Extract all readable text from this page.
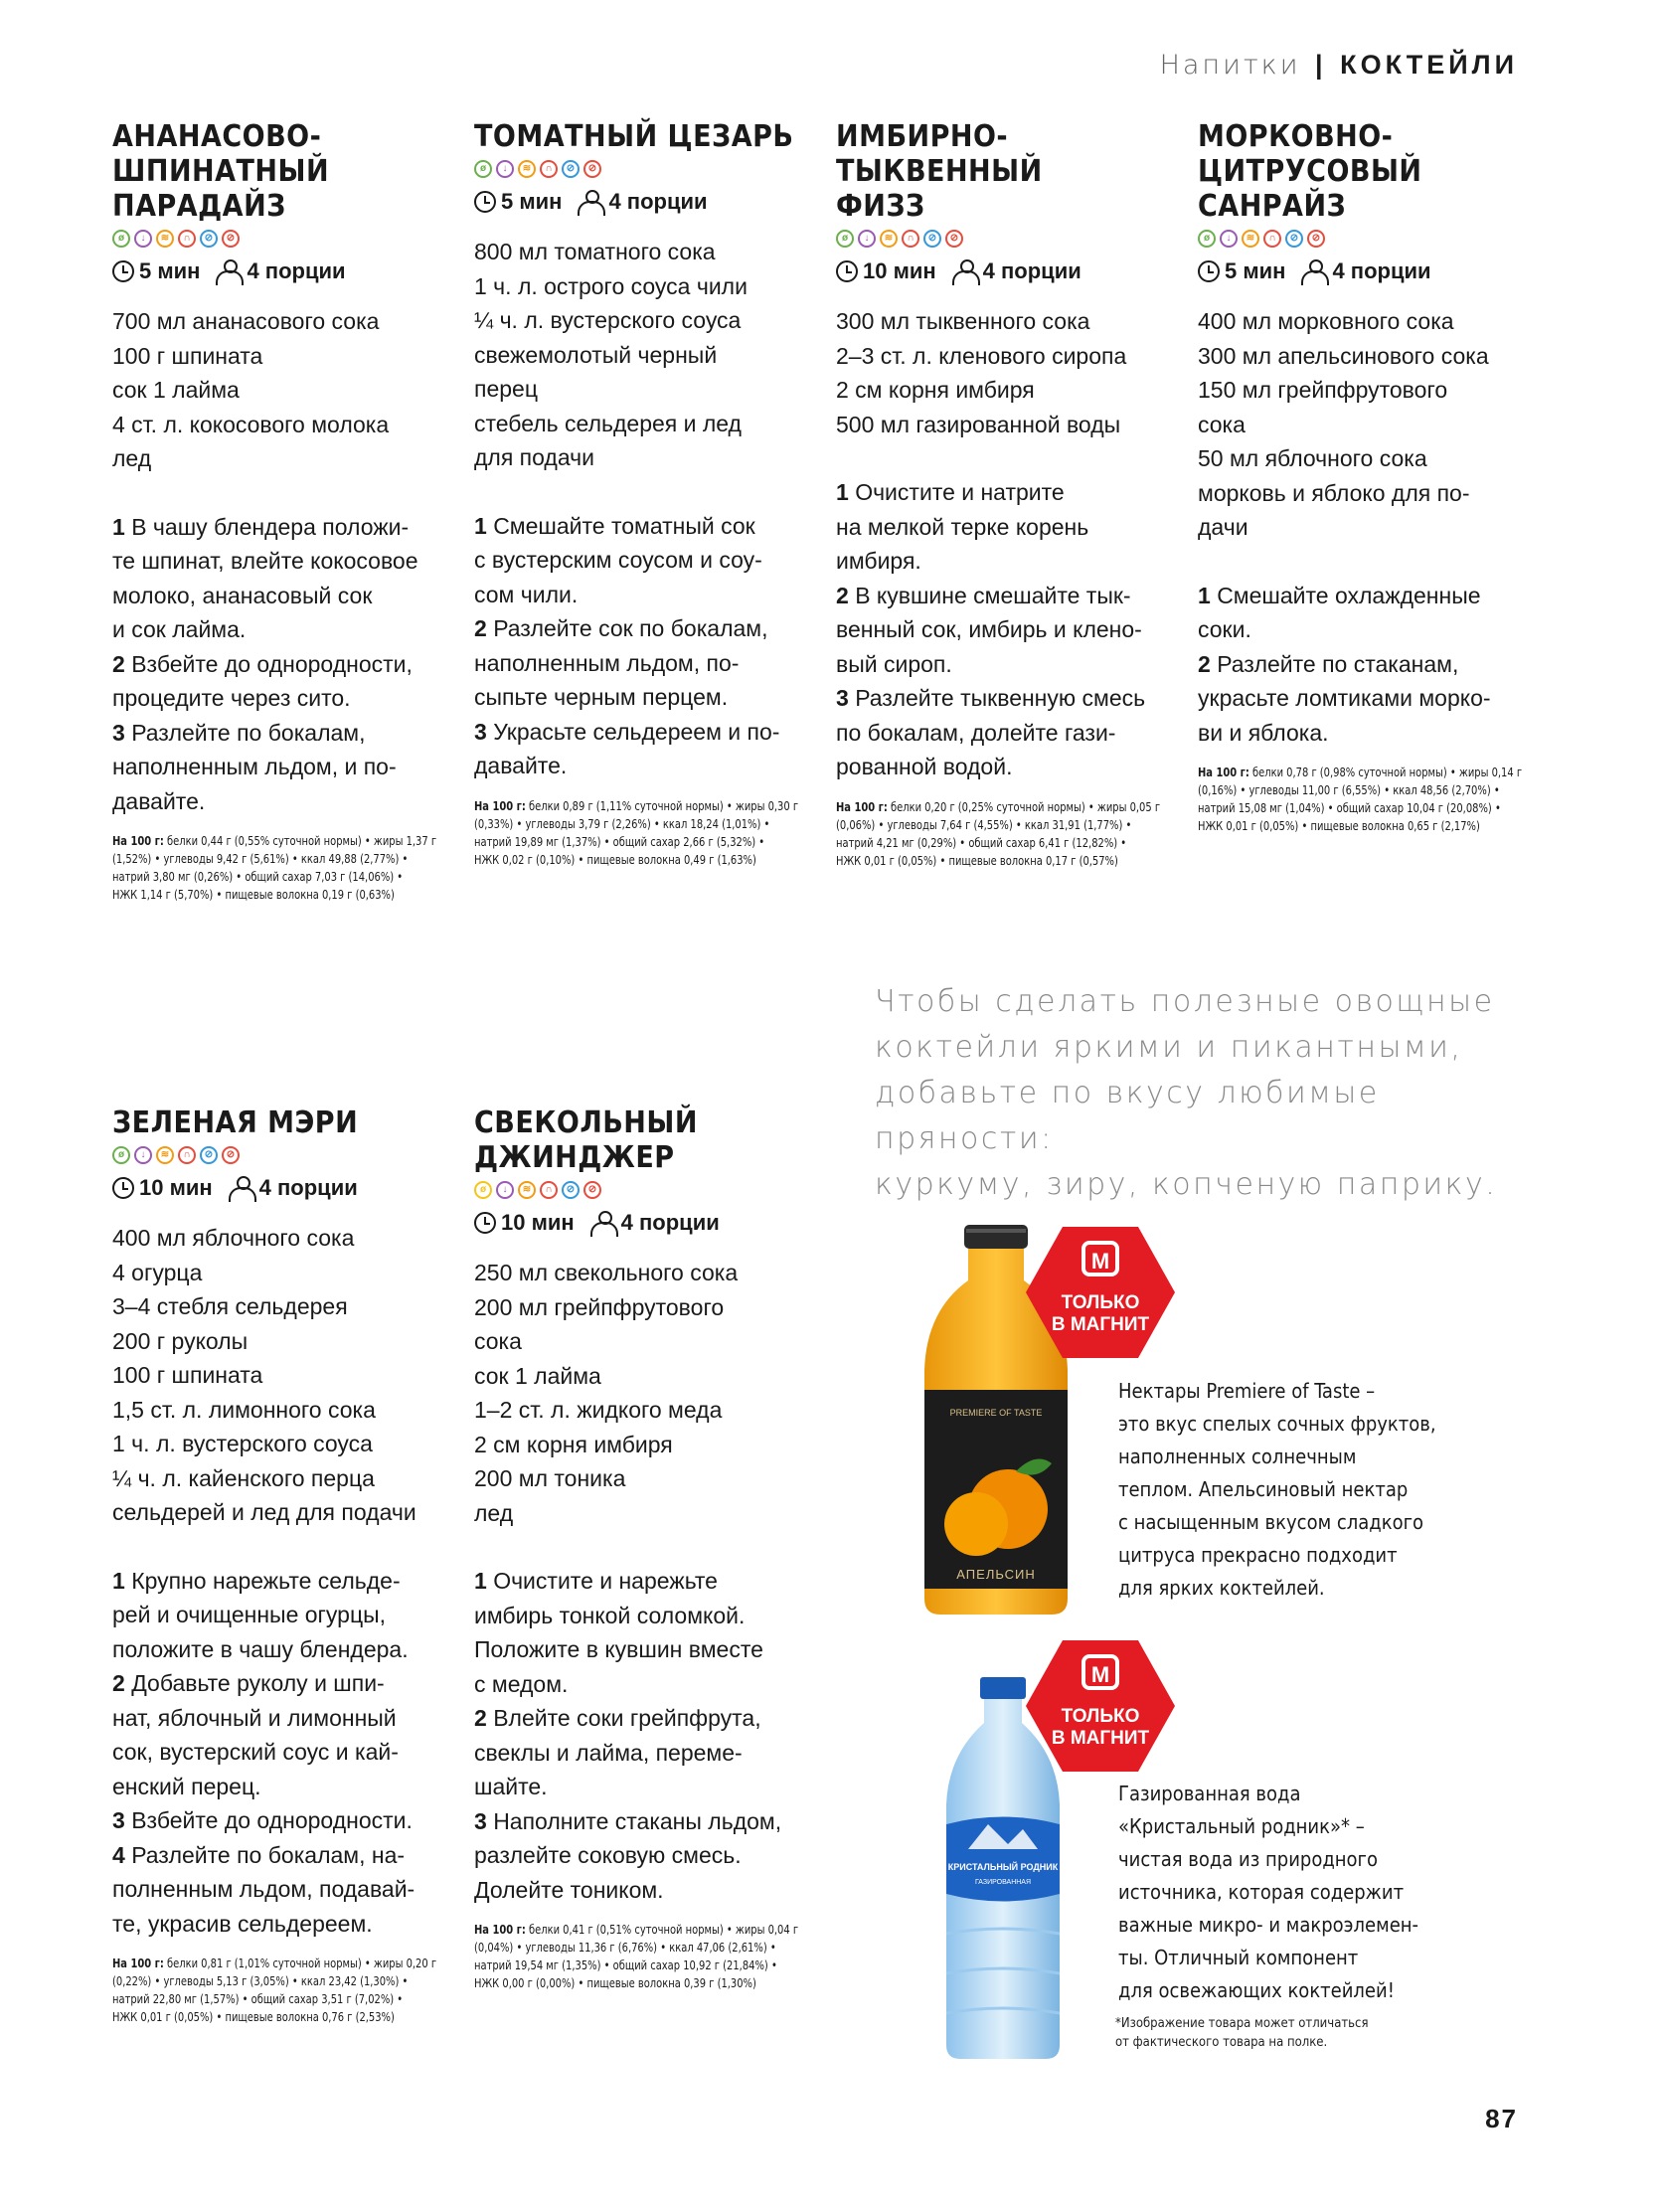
Напитки | КОКТЕЙЛИ
АНАНАСОВО-ШПИНАТНЫЙ
ПАРАДАЙЗ
ø	↓	≋	∩	⊘	⊘
5 мин 4 порции
700 мл ананасового сока
100 г шпината
сок 1 лайма
4 ст. л. кокосового молока
лед
1 В чашу блендера положи-
те шпинат, влейте кокосовое
молоко, ананасовый сок
и сок лайма.
2 Взбейте до однородности,
процедите через сито.
3 Разлейте по бокалам,
наполненным льдом, и по-
давайте.
На 100 г: белки 0,44 г (0,55% суточной нормы) • жиры 1,37 г
(1,52%) • углеводы 9,42 г (5,61%) • ккал 49,88 (2,77%) •
натрий 3,80 мг (0,26%) • общий сахар 7,03 г (14,06%) •
НЖК 1,14 г (5,70%) • пищевые волокна 0,19 г (0,63%)
ТОМАТНЫЙ ЦЕЗАРЬ
ø	↓	≋	∩	⊘	⊘
5 мин 4 порции
800 мл томатного сока
1 ч. л. острого соуса чили
¼ ч. л. вустерского соуса
свежемолотый черный
перец
стебель сельдерея и лед
для подачи
1 Смешайте томатный сок
с вустерским соусом и соу-
сом чили.
2 Разлейте сок по бокалам,
наполненным льдом, по-
сыпьте черным перцем.
3 Украсьте сельдереем и по-
давайте.
На 100 г: белки 0,89 г (1,11% суточной нормы) • жиры 0,30 г
(0,33%) • углеводы 3,79 г (2,26%) • ккал 18,24 (1,01%) •
натрий 19,89 мг (1,37%) • общий сахар 2,66 г (5,32%) •
НЖК 0,02 г (0,10%) • пищевые волокна 0,49 г (1,63%)
ИМБИРНО-ТЫКВЕННЫЙ
ФИЗЗ
ø	↓	≋	∩	⊘	⊘
10 мин 4 порции
300 мл тыквенного сока
2–3 ст. л. кленового сиропа
2 см корня имбиря
500 мл газированной воды
1 Очистите и натрите
на мелкой терке корень
имбиря.
2 В кувшине смешайте тык-
венный сок, имбирь и клено-
вый сироп.
3 Разлейте тыквенную смесь
по бокалам, долейте гази-
рованной водой.
На 100 г: белки 0,20 г (0,25% суточной нормы) • жиры 0,05 г
(0,06%) • углеводы 7,64 г (4,55%) • ккал 31,91 (1,77%) •
натрий 4,21 мг (0,29%) • общий сахар 6,41 г (12,82%) •
НЖК 0,01 г (0,05%) • пищевые волокна 0,17 г (0,57%)
МОРКОВНО-ЦИТРУСОВЫЙ
САНРАЙЗ
ø	↓	≋	∩	⊘	⊘
5 мин 4 порции
400 мл морковного сока
300 мл апельсинового сока
150 мл грейпфрутового
сока
50 мл яблочного сока
морковь и яблоко для по-
дачи
1 Смешайте охлажденные
соки.
2 Разлейте по стаканам,
украсьте ломтиками морко-
ви и яблока.
На 100 г: белки 0,78 г (0,98% суточной нормы) • жиры 0,14 г
(0,16%) • углеводы 11,00 г (6,55%) • ккал 48,56 (2,70%) •
натрий 15,08 мг (1,04%) • общий сахар 10,04 г (20,08%) •
НЖК 0,01 г (0,05%) • пищевые волокна 0,65 г (2,17%)
ЗЕЛЕНАЯ МЭРИ
ø	↓	≋	∩	⊘	⊘
10 мин 4 порции
400 мл яблочного сока
4 огурца
3–4 стебля сельдерея
200 г руколы
100 г шпината
1,5 ст. л. лимонного сока
1 ч. л. вустерского соуса
¼ ч. л. кайенского перца
сельдерей и лед для подачи
1 Крупно нарежьте сельде-
рей и очищенные огурцы,
положите в чашу блендера.
2 Добавьте руколу и шпи-
нат, яблочный и лимонный
сок, вустерский соус и кай-
енский перец.
3 Взбейте до однородности.
4 Разлейте по бокалам, на-
полненным льдом, подавай-
те, украсив сельдереем.
На 100 г: белки 0,81 г (1,01% суточной нормы) • жиры 0,20 г
(0,22%) • углеводы 5,13 г (3,05%) • ккал 23,42 (1,30%) •
натрий 22,80 мг (1,57%) • общий сахар 3,51 г (7,02%) •
НЖК 0,01 г (0,05%) • пищевые волокна 0,76 г (2,53%)
СВЕКОЛЬНЫЙ ДЖИНДЖЕР
ø	↓	≋	∩	⊘	⊘
10 мин 4 порции
250 мл свекольного сока
200 мл грейпфрутового
сока
сок 1 лайма
1–2 ст. л. жидкого меда
2 см корня имбиря
200 мл тоника
лед
1 Очистите и нарежьте
имбирь тонкой соломкой.
Положите в кувшин вместе
с медом.
2 Влейте соки грейпфрута,
свеклы и лайма, переме-
шайте.
3 Наполните стаканы льдом,
разлейте соковую смесь.
Долейте тоником.
На 100 г: белки 0,41 г (0,51% суточной нормы) • жиры 0,04 г
(0,04%) • углеводы 11,36 г (6,76%) • ккал 47,06 (2,61%) •
натрий 19,54 мг (1,35%) • общий сахар 10,92 г (21,84%) •
НЖК 0,00 г (0,00%) • пищевые волокна 0,39 г (1,30%)
Чтобы сделать полезные овощные
коктейли яркими и пикантными,
добавьте по вкусу любимые пряности:
куркуму, зиру, копченую паприку.
PREMIERE OF TASTE
АПЕЛЬСИН
М
ТОЛЬКО
В МАГНИТ
Нектары Premiere of Taste –
это вкус спелых сочных фруктов,
наполненных солнечным
теплом. Апельсиновый нектар
с насыщенным вкусом сладкого
цитруса прекрасно подходит
для ярких коктейлей.
КРИСТАЛЬНЫЙ РОДНИК
ГАЗИРОВАННАЯ
М
ТОЛЬКО
В МАГНИТ
Газированная вода
«Кристальный родник»* –
чистая вода из природного
источника, которая содержит
важные микро- и макроэлемен-
ты. Отличный компонент
для освежающих коктейлей!
*Изображение товара может отличаться
от фактического товара на полке.
87
